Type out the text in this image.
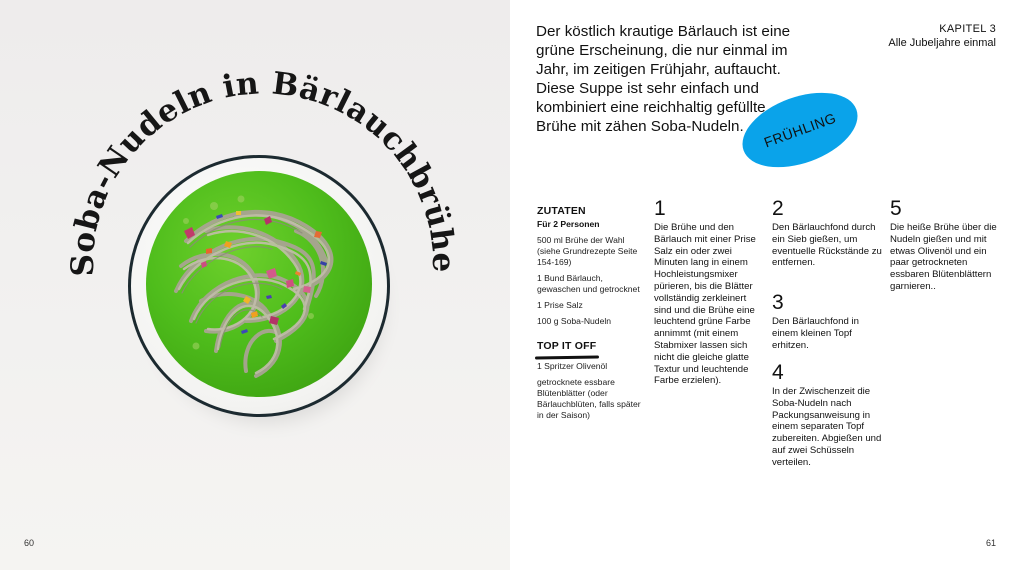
Soba-Nudeln in Bärlauchbrühe
60

Der köstlich krautige Bärlauch ist eine grüne Erscheinung, die nur einmal im Jahr, im zeitigen Frühjahr, auftaucht. Diese Suppe ist sehr einfach und kombiniert eine reichhaltig gefüllte Brühe mit zähen Soba-Nudeln.

KAPITEL 3
Alle Jubeljahre einmal
FRÜHLING
ZUTATEN
Für 2 Personen
500 ml Brühe der Wahl (siehe Grundrezepte Seite 154-169)
1 Bund Bärlauch, gewaschen und getrocknet
1 Prise Salz
100 g Soba-Nudeln
TOP IT OFF
1 Spritzer Olivenöl
getrocknete essbare Blütenblätter (oder Bärlauchblüten, falls später in der Saison)
1
Die Brühe und den Bärlauch mit einer Prise Salz ein oder zwei Minuten lang in einem Hochleistungsmixer pürieren, bis die Blätter vollständig zerkleinert sind und die Brühe eine leuchtend grüne Farbe annimmt (mit einem Stabmixer lassen sich nicht die gleiche glatte Textur und leuchtende Farbe erzielen).
2
Den Bärlauchfond durch ein Sieb gießen, um eventuelle Rückstände zu entfernen.
3
Den Bärlauchfond in einem kleinen Topf erhitzen.
4
In der Zwischenzeit die Soba-Nudeln nach Packungsanweisung in einem separaten Topf zubereiten. Abgießen und auf zwei Schüsseln verteilen.
5
Die heiße Brühe über die Nudeln gießen und mit etwas Olivenöl und ein paar getrockneten essbaren Blütenblättern garnieren..
61
